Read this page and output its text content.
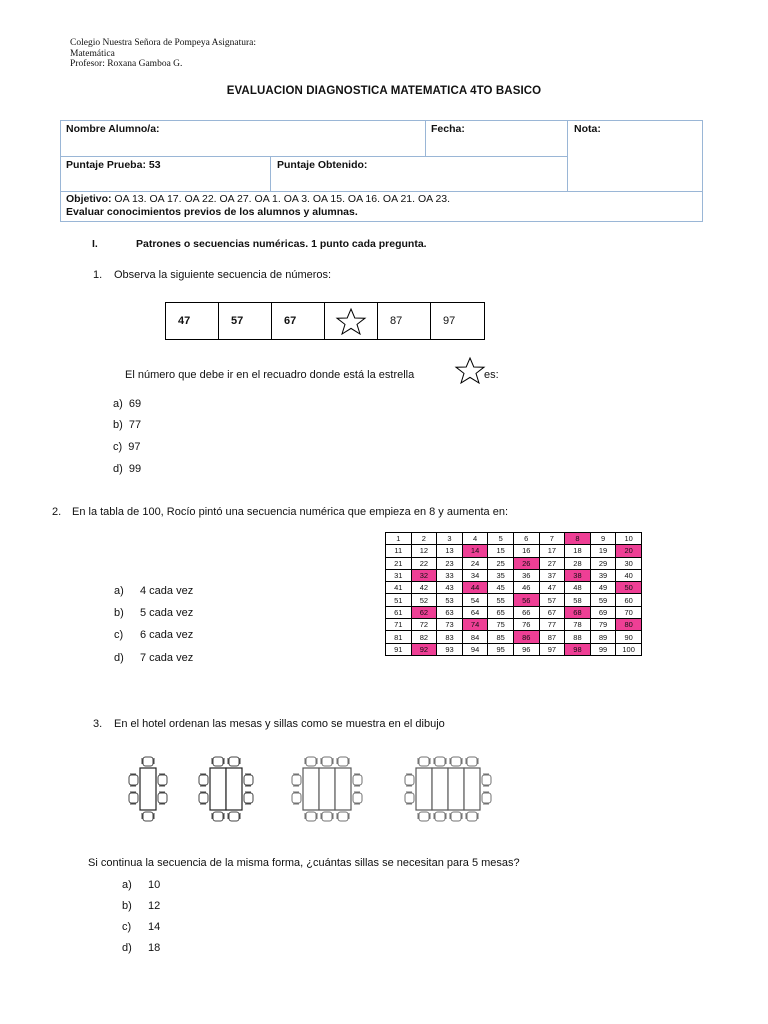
Colegio Nuestra Señora de Pompeya Asignatura:
Matemática
Profesor: Roxana Gamboa G.
EVALUACION DIAGNOSTICA MATEMATICA 4TO BASICO
Nombre Alumno/a:	Fecha:	Nota:
Puntaje Prueba: 53	Puntaje Obtenido:
Objetivo: OA 13. OA 17. OA 22. OA 27. OA 1. OA 3. OA 15. OA 16. OA 21. OA 23.
Evaluar conocimientos previos de los alumnos y alumnas.
I.	Patrones o secuencias numéricas. 1 punto cada pregunta.
1. Observa la siguiente secuencia de números:
47	57	67	87	97
El número que debe ir en el recuadro donde está la estrella	es:
a) 69
b) 77
c) 97
d) 99
2. En la tabla de 100, Rocío pintó una secuencia numérica que empieza en 8 y aumenta en:
1	2	3	4	5	6	7	8	9	10
11	12	13	14	15	16	17	18	19	20
21	22	23	24	25	26	27	28	29	30
31	32	33	34	35	36	37	38	39	40
41	42	43	44	45	46	47	48	49	50
51	52	53	54	55	56	57	58	59	60
61	62	63	64	65	66	67	68	69	70
71	72	73	74	75	76	77	78	79	80
81	82	83	84	85	86	87	88	89	90
91	92	93	94	95	96	97	98	99	100
a) 4 cada vez
b) 5 cada vez
c) 6 cada vez
d) 7 cada vez
3. En el hotel ordenan las mesas y sillas como se muestra en el dibujo
Si continua la secuencia de la misma forma, ¿cuántas sillas se necesitan para 5 mesas?
a) 10
b) 12
c) 14
d) 18
